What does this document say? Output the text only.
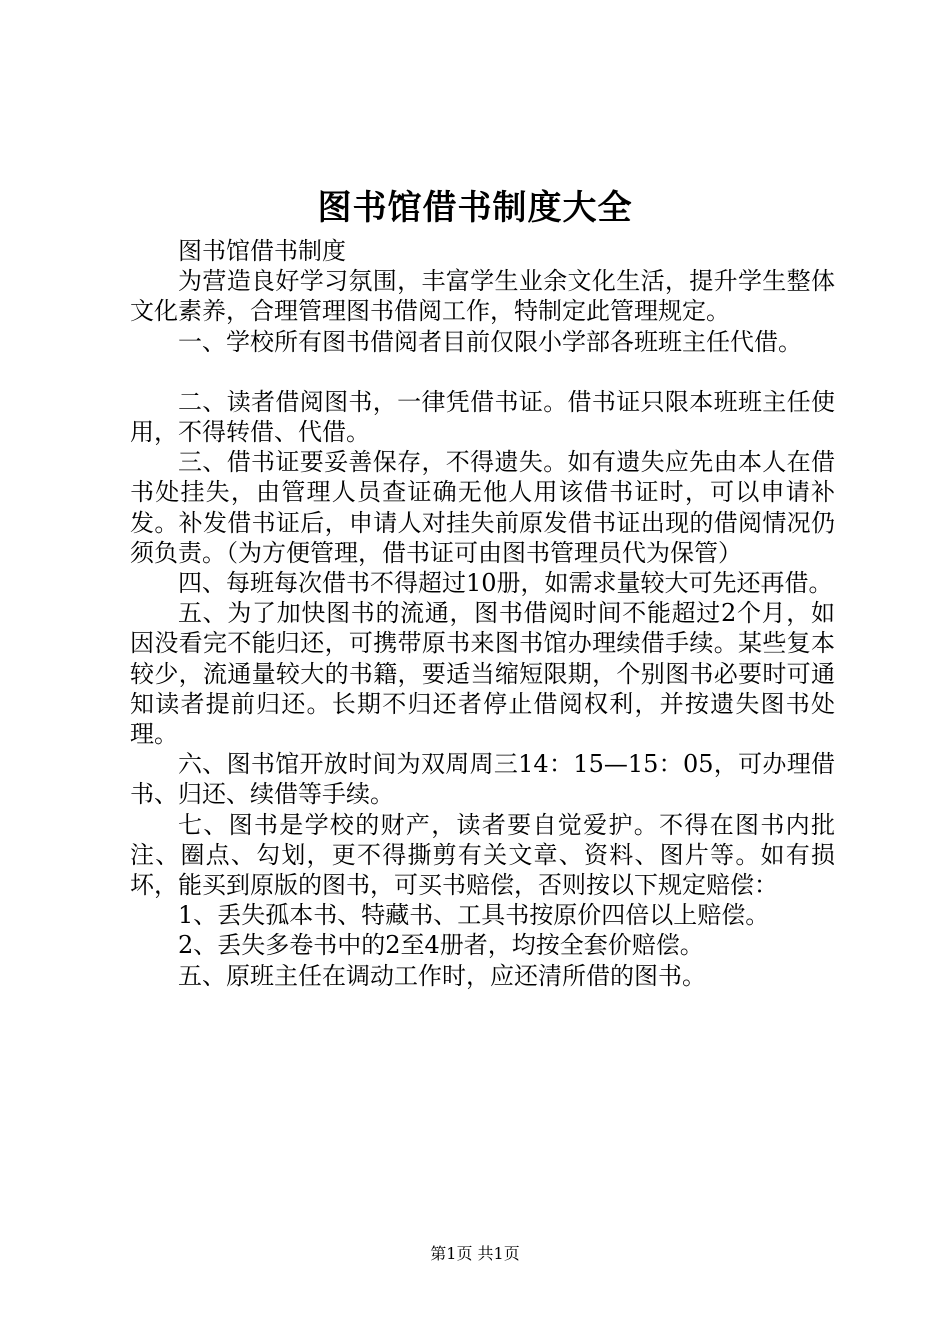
图书馆借书制度大全

图书馆借书制度

为营造良好学习氛围，丰富学生业余文化生活，提升学生整体文化素养，合理管理图书借阅工作，特制定此管理规定。

一、学校所有图书借阅者目前仅限小学部各班班主任代借。

二、读者借阅图书，一律凭借书证。借书证只限本班班主任使用，不得转借、代借。

三、借书证要妥善保存，不得遗失。如有遗失应先由本人在借书处挂失，由管理人员查证确无他人用该借书证时，可以申请补发。补发借书证后，申请人对挂失前原发借书证出现的借阅情况仍须负责。（为方便管理，借书证可由图书管理员代为保管）

四、每班每次借书不得超过10册，如需求量较大可先还再借。

五、为了加快图书的流通，图书借阅时间不能超过2个月，如因没看完不能归还，可携带原书来图书馆办理续借手续。某些复本较少，流通量较大的书籍，要适当缩短限期，个别图书必要时可通知读者提前归还。长期不归还者停止借阅权利，并按遗失图书处理。

六、图书馆开放时间为双周周三14：15—15：05，可办理借书、归还、续借等手续。

七、图书是学校的财产，读者要自觉爱护。不得在图书内批注、圈点、勾划，更不得撕剪有关文章、资料、图片等。如有损坏，能买到原版的图书，可买书赔偿，否则按以下规定赔偿：

1、丢失孤本书、特藏书、工具书按原价四倍以上赔偿。

2、丢失多卷书中的2至4册者，均按全套价赔偿。

五、原班主任在调动工作时，应还清所借的图书。

第1页 共1页
